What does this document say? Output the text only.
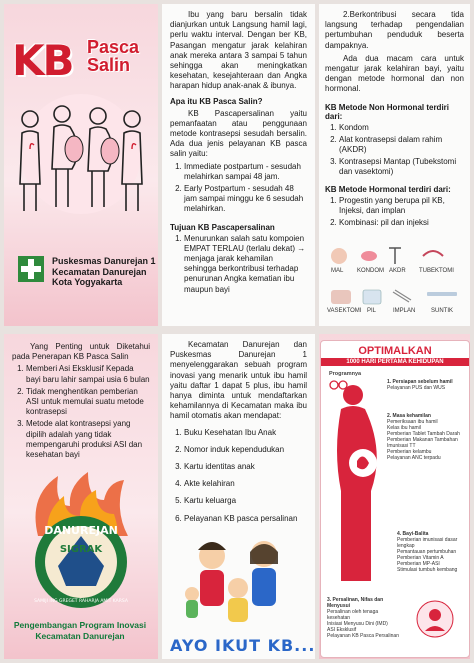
KB Pasca
Salin
Puskesmas Danurejan 1
Kecamatan Danurejan
Kota Yogyakarta

Ibu yang baru bersalin tidak dianjurkan untuk Langsung hamil lagi, perlu waktu interval. Dengan ber KB, Pasangan mengatur jarak kelahiran anak mereka antara 3 sampai 5 tahun sehingga akan meningkatkan kesehatan, kesejahteraan dan Angka harapan hidup anak-anak & ibunya.

Apa itu KB Pasca Salin?

KB Pascapersalinan yaitu pemanfaatan atau penggunaan metode kontrasepsi sesudah bersalin. Ada dua jenis pelayanan KB pasca salin yaitu:

1. Immediate postpartum - sesudah melahirkan sampai 48 jam.
2. Early Postpartum - sesudah 48 jam sampai minggu ke 6 sesudah melahirkan.
Tujuan KB Pascapersalinan
1. Menurunkan salah satu kompoien EMPAT TERLAU (terlalu dekat) → menjaga jarak kehamilan sehingga berkontribusi terhadap penurunan Angka kematian ibu maupun bayi

2.Berkontribusi secara tida langsung terhadap pengendalian pertumbuhan penduduk beserta dampaknya.

Ada dua macam cara untuk mengatur jarak kelahiran bayi, yaitu dengan metode hormonal dan non hormonal.

KB Metode Non Hormonal terdiri dari:
1. Kondom
2. Alat kontrasepsi dalam rahim (AKDR)
3. Kontrasepsi Mantap (Tubekstomi dan vasektomi)
KB Metode Hormonal terdiri dari:
1. Progestin yang berupa pil KB, Injeksi, dan implan
2. Kombinasi: pil dan injeksi
MAL KONDOM AKDR TUBEKTOMI
VASEKTOMI PIL	IMPLAN	SUNTIK

Yang Penting untuk Diketahui pada Penerapan KB Pasca Salin

1. Memberi Asi Eksklusif Kepada bayi baru lahir sampai usia 6 bulan
2. Tidak menghentikan pemberian ASI untuk memulai suatu metode kontrasepsi
3. Metode alat kontrasepsi yang dipilih adalah yang tidak mempengaruhi produksi ASI dan kesehatan bayi
DANUREJAN
SIGRAK
SAMIJI ING GREGET RAHARJA AMIT KARSA
Pengembangan Program Inovasi Kecamatan Danurejan

Kecamatan Danurejan dan Puskesmas Danurejan 1 menyelenggarakan sebuah program inovasi yang menarik untuk ibu hamil yaitu daftar 1 dapat 5 plus, ibu hamil hanya diminta untuk mendaftarkan kehamilannya di Kecamatan maka ibu hamil otomatis akan mendapat:

1. Buku Kesehatan Ibu Anak
2. Nomor induk kependudukan
3. Kartu identitas anak
4. Akte kelahiran
5. Kartu keluarga
6. Pelayanan KB pasca persalinan
AYO IKUT KB...
OPTIMALKAN
1000 HARI PERTAMA KEHIDUPAN
Programnya
1. Persiapan sebelum hamil
Pelayanan PUS dan WUS
2. Masa kehamilan
Pemeriksaan ibu hamil
Kelas ibu hamil
Pemberian Tablet Tambah Darah
Pemberian Makanan Tambahan
Imunisasi TT
Pemberian kelambu
Pelayanan ANC terpadu
4. Bayi-Balita
Pemberian imunisasi dasar lengkap
Pemantauan pertumbuhan
Pemberian Vitamin A
Pemberian MP-ASI
Stimulasi tumbuh kembang
3. Persalinan, Nifas dan Menyusui
Persalinan oleh tenaga kesehatan
Inisiasi Menyusu Dini (IMD)
ASI Eksklusif
Pelayanan KB Pasca Persalinan
